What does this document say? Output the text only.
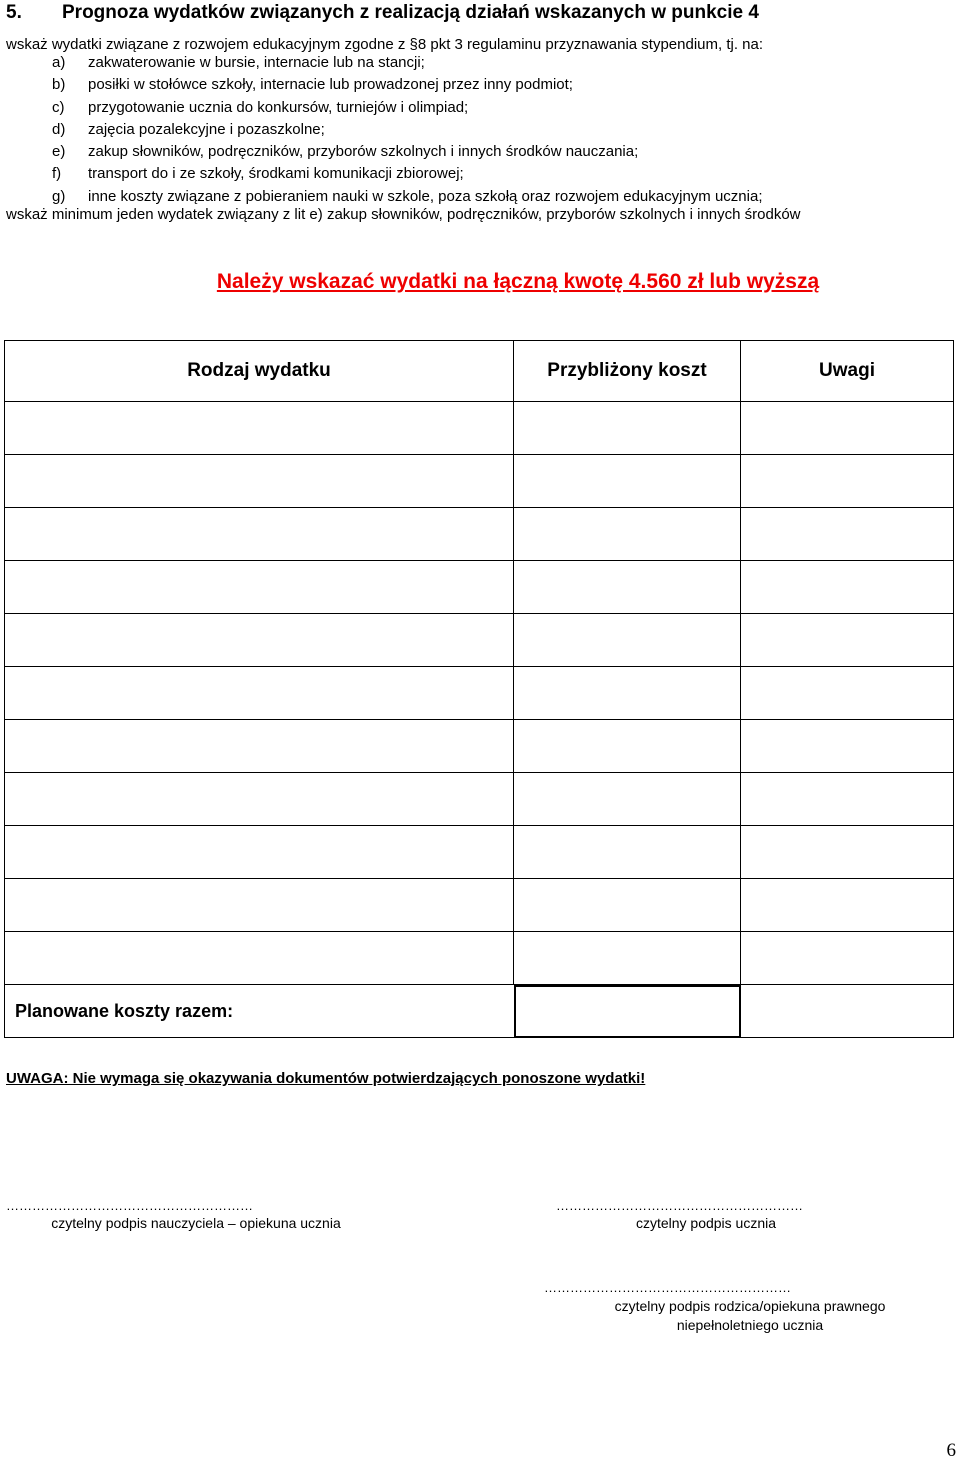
5. Prognoza wydatków związanych z realizacją działań wskazanych w punkcie 4
wskaż wydatki związane z rozwojem edukacyjnym zgodne z §8 pkt 3 regulaminu przyznawania stypendium, tj. na:
a) zakwaterowanie w bursie, internacie lub na stancji;
b) posiłki w stołówce szkoły, internacie lub prowadzonej przez inny podmiot;
c) przygotowanie ucznia do konkursów, turniejów i olimpiad;
d) zajęcia pozalekcyjne i pozaszkolne;
e) zakup słowników, podręczników, przyborów szkolnych i innych środków nauczania;
f) transport do i ze szkoły, środkami komunikacji zbiorowej;
g) inne koszty związane z pobieraniem nauki w szkole, poza szkołą oraz rozwojem edukacyjnym ucznia;
wskaż minimum jeden wydatek związany z lit e) zakup słowników, podręczników, przyborów szkolnych i innych środków
Należy wskazać wydatki na łączną kwotę 4.560 zł lub wyższą
Rodzaj wydatku	Przybliżony koszt	Uwagi

Planowane koszty razem:		
UWAGA: Nie wymaga się okazywania dokumentów potwierdzających ponoszone wydatki!
…………………………………………………
czytelny podpis nauczyciela – opiekuna ucznia
…………………………………………………
czytelny podpis ucznia
…………………………………………………
czytelny podpis rodzica/opiekuna prawnego
niepełnoletniego ucznia
6
